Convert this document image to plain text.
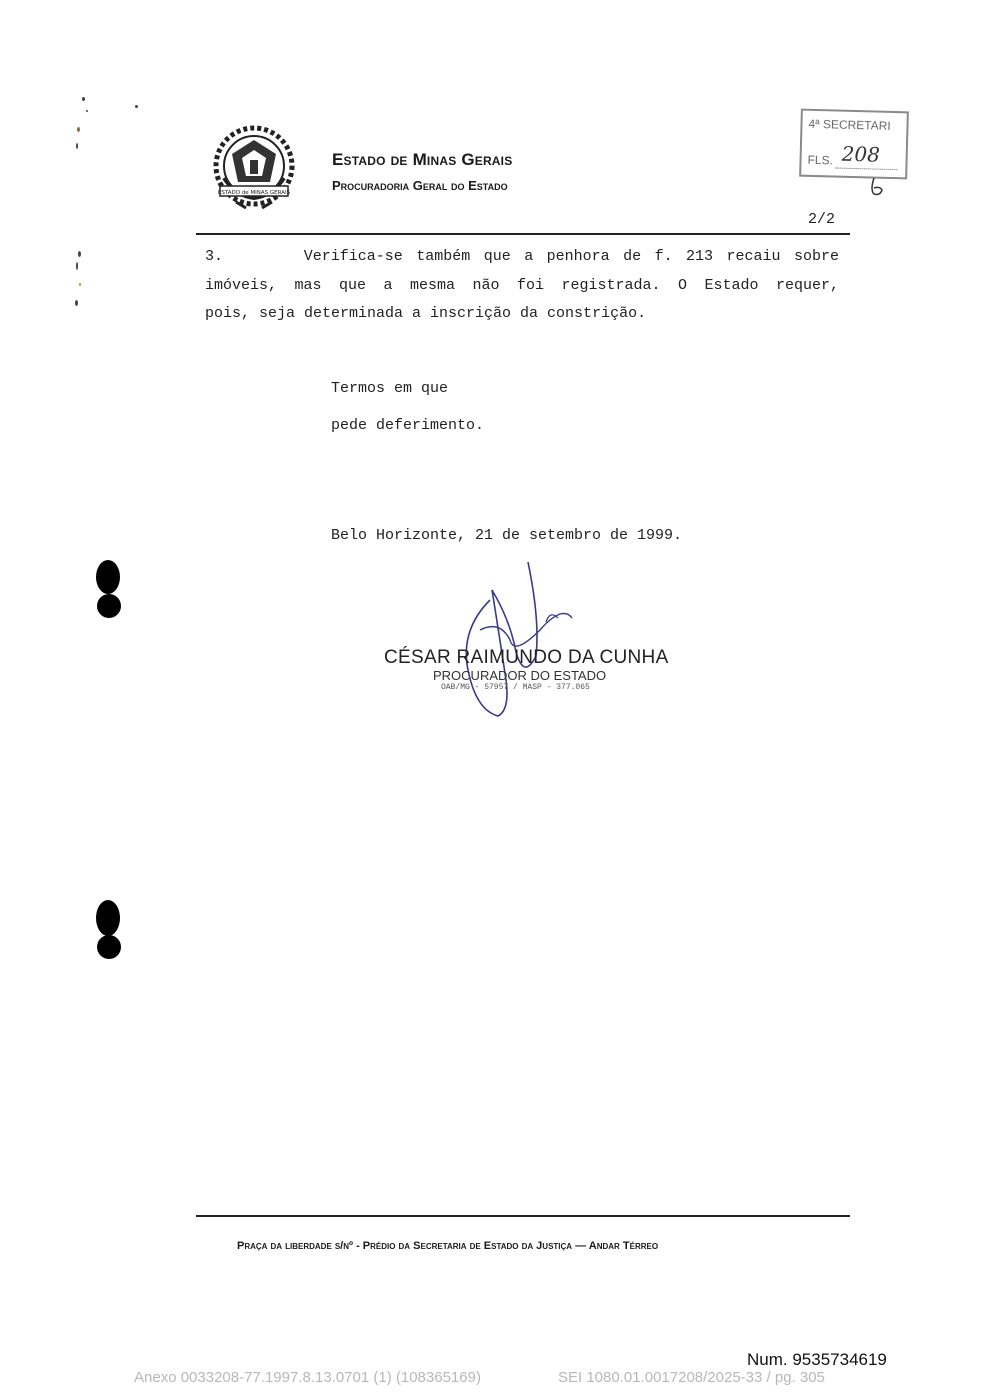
ESTADO de MINAS GERAIS
Estado de Minas Gerais
Procuradoria Geral do Estado
4ª SECRETARI
FLS. 208
2/2
3.      Verifica-se também que a penhora de f. 213 recaiu sobre
imóveis, mas que a mesma não foi registrada. O Estado requer,
pois, seja determinada a inscrição da constrição.
Termos em que
pede deferimento.
Belo Horizonte, 21 de setembro de 1999.
CÉSAR RAIMUNDO DA CUNHA
PROCURADOR DO ESTADO
OAB/MG - 57957 / MASP - 377.065
Praça da liberdade s/nº - Prédio da Secretaria de Estado da Justiça — Andar Térreo
Num. 9535734619
Anexo 0033208-77.1997.8.13.0701 (1) (108365169)	SEI 1080.01.0017208/2025-33 / pg. 305
